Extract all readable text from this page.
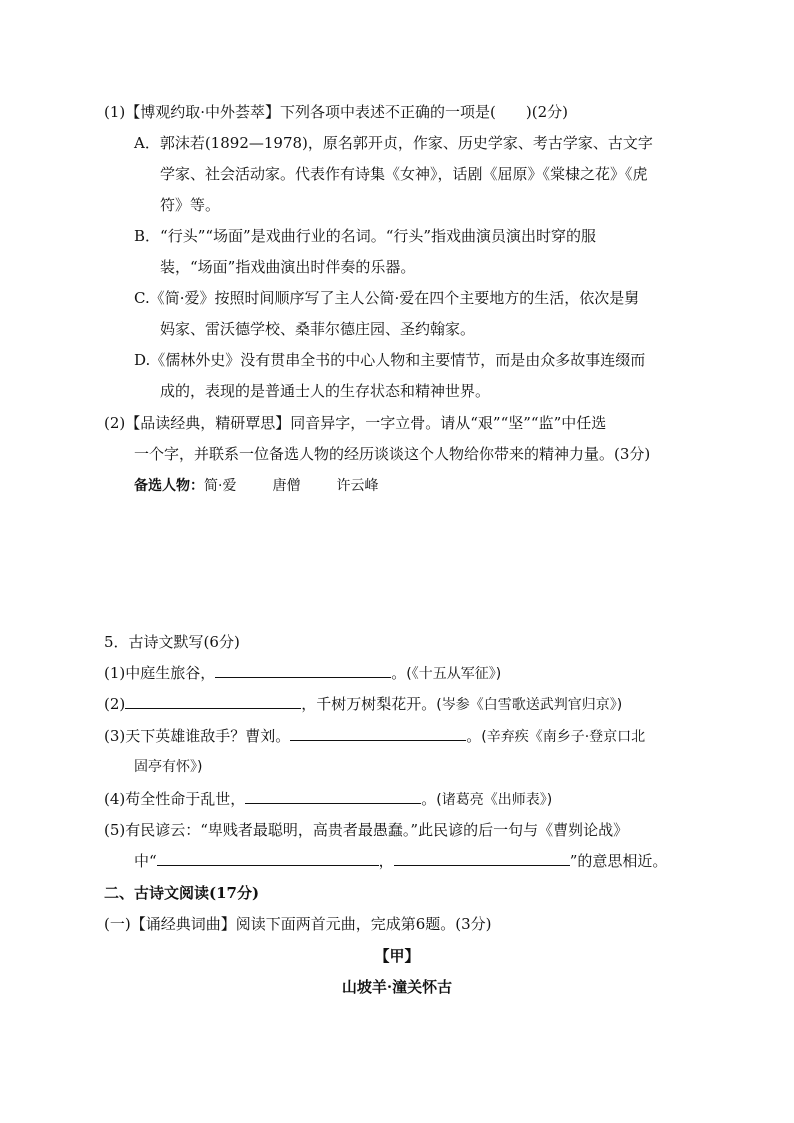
(1)【博观约取·中外荟萃】下列各项中表述不正确的一项是(　　)(2分)
A．郭沫若(1892—1978)，原名郭开贞，作家、历史学家、考古学家、古文字
学家、社会活动家。代表作有诗集《女神》，话剧《屈原》《棠棣之花》《虎
符》等。
B．“行头”“场面”是戏曲行业的名词。“行头”指戏曲演员演出时穿的服
装，“场面”指戏曲演出时伴奏的乐器。
C.《简·爱》按照时间顺序写了主人公简·爱在四个主要地方的生活，依次是舅
妈家、雷沃德学校、桑菲尔德庄园、圣约翰家。
D.《儒林外史》没有贯串全书的中心人物和主要情节，而是由众多故事连缀而
成的，表现的是普通士人的生存状态和精神世界。
(2)【品读经典，精研覃思】同音异字，一字立骨。请从“艰”“坚”“监”中任选
一个字，并联系一位备选人物的经历谈谈这个人物给你带来的精神力量。(3分)
备选人物：简·爱	唐僧	许云峰
5．古诗文默写(6分)
(1)中庭生旅谷，	。(《十五从军征》)
(2)	，千树万树梨花开。(岑参《白雪歌送武判官归京》)
(3)天下英雄谁敌手？曹刘。	。(辛弃疾《南乡子·登京口北
固亭有怀》)
(4)苟全性命于乱世，	。(诸葛亮《出师表》)
(5)有民谚云：“卑贱者最聪明，高贵者最愚蠢。”此民谚的后一句与《曹刿论战》
中“	，	”的意思相近。
二、古诗文阅读(17分)
(一)【诵经典词曲】阅读下面两首元曲，完成第6题。(3分)
【甲】
山坡羊·潼关怀古
